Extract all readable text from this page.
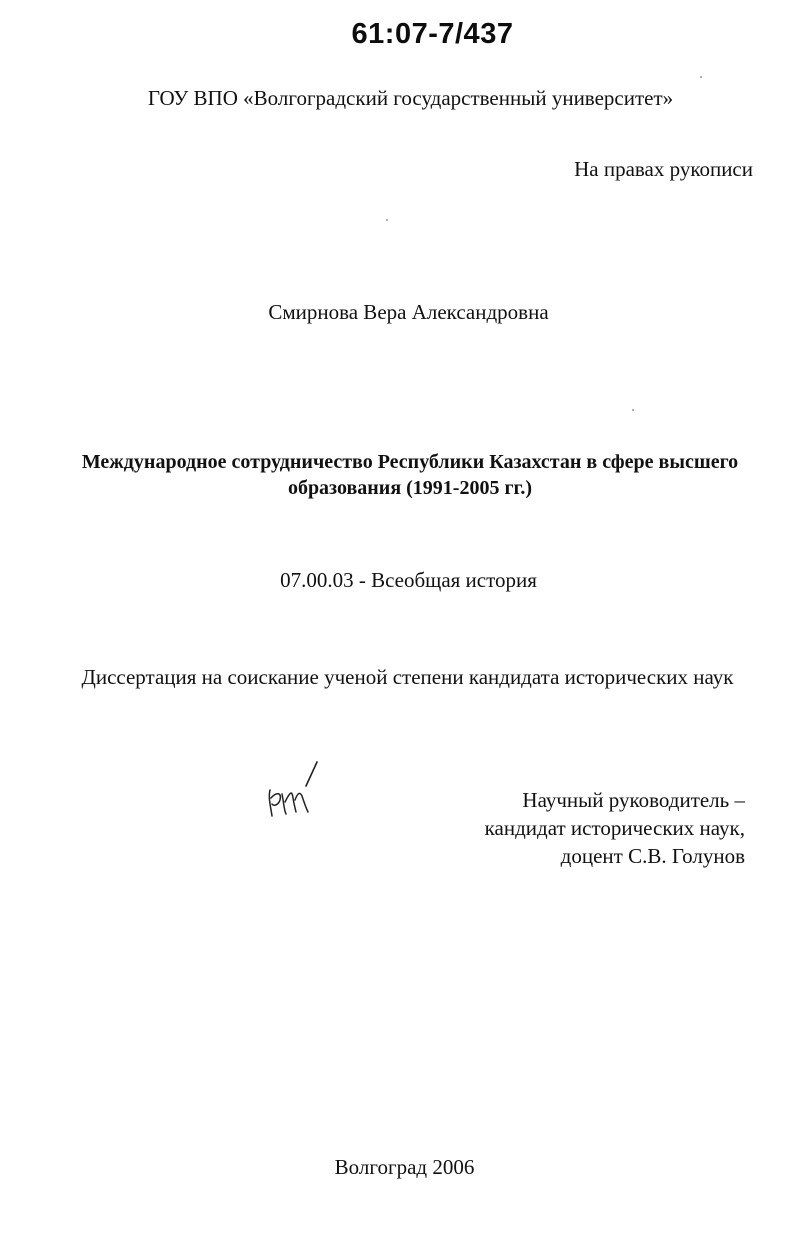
61:07-7/437
ГОУ ВПО «Волгоградский государственный университет»
На правах рукописи
Смирнова Вера Александровна
Международное сотрудничество Республики Казахстан в сфере высшего
образования (1991-2005 гг.)
07.00.03 - Всеобщая история
Диссертация на соискание ученой степени кандидата исторических наук
Научный руководитель –
кандидат исторических наук,
доцент С.В. Голунов
Волгоград 2006
